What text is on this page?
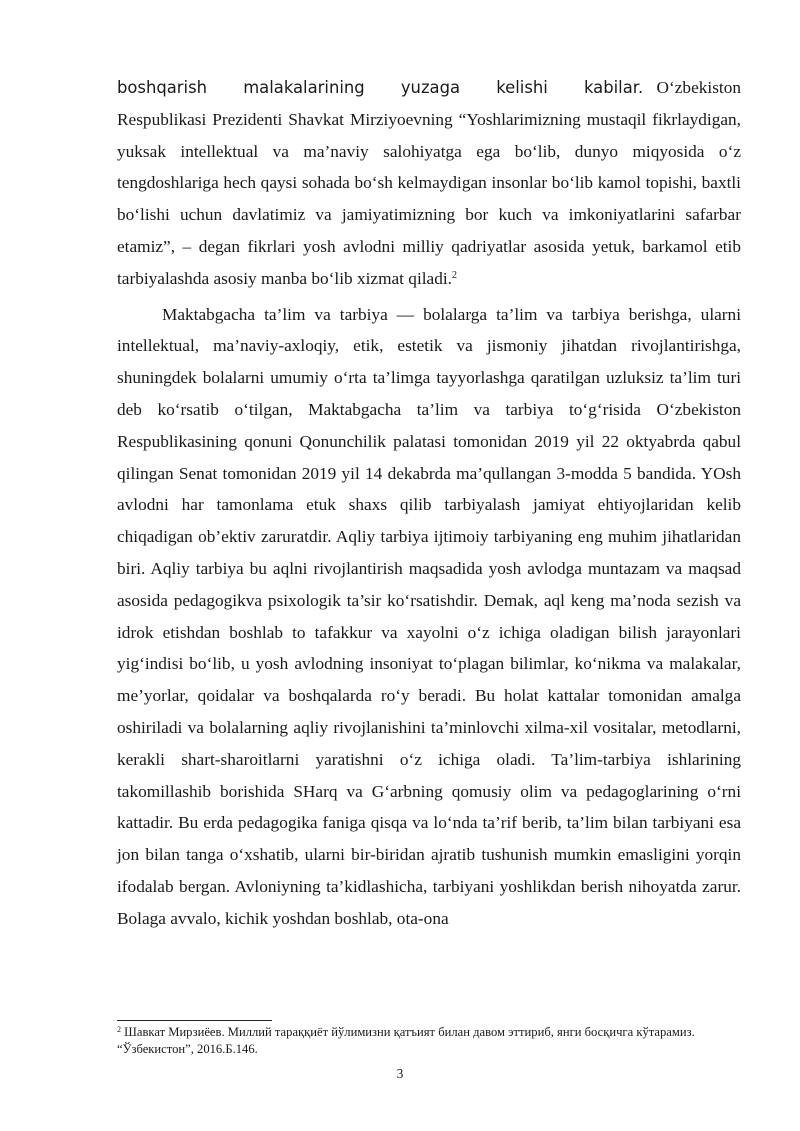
boshqarish malakalarining yuzaga kelishi kabilar. O‘zbekiston Respublikasi Prezidenti Shavkat Mirziyoevning “Yoshlarimizning mustaqil fikrlaydigan, yuksak intellektual va ma’naviy salohiyatga ega bo‘lib, dunyo miqyosida o‘z tengdoshlariga hech qaysi sohada bo‘sh kelmaydigan insonlar bo‘lib kamol topishi, baxtli bo‘lishi uchun davlatimiz va jamiyatimizning bor kuch va imkoniyatlarini safarbar etamiz”, – degan fikrlari yosh avlodni milliy qadriyatlar asosida yetuk, barkamol etib tarbiyalashda asosiy manba bo‘lib xizmat qiladi.$^2$

Maktabgacha ta’lim va tarbiya — bolalarga ta’lim va tarbiya berishga, ularni intellektual, ma’naviy-axloqiy, etik, estetik va jismoniy jihatdan rivojlantirishga, shuningdek bolalarni umumiy o‘rta ta’limga tayyorlashga qaratilgan uzluksiz ta’lim turi deb ko‘rsatib o‘tilgan, Maktabgacha ta’lim va tarbiya to‘g‘risida O‘zbekiston Respublikasining qonuni Qonunchilik palatasi tomonidan 2019 yil 22 oktyabrda qabul qilingan Senat tomonidan 2019 yil 14 dekabrda ma’qullangan 3-modda 5 bandida. YOsh avlodni har tamonlama etuk shaxs qilib tarbiyalash jamiyat ehtiyojlaridan kelib chiqadigan ob’ektiv zaruratdir. Aqliy tarbiya ijtimoiy tarbiyaning eng muhim jihatlaridan biri. Aqliy tarbiya bu aqlni rivojlantirish maqsadida yosh avlodga muntazam va maqsad asosida pedagogikva psixologik ta’sir ko‘rsatishdir. Demak, aql keng ma’noda sezish va idrok etishdan boshlab to tafakkur va xayolni o‘z ichiga oladigan bilish jarayonlari yig‘indisi bo‘lib, u yosh avlodning insoniyat to‘plagan bilimlar, ko‘nikma va malakalar, me’yorlar, qoidalar va boshqalarda ro‘y beradi. Bu holat kattalar tomonidan amalga oshiriladi va bolalarning aqliy rivojlanishini ta’minlovchi xilma-xil vositalar, metodlarni, kerakli shart-sharoitlarni yaratishni o‘z ichiga oladi. Ta’lim-tarbiya ishlarining takomillashib borishida SHarq va G‘arbning qomusiy olim va pedagoglarining o‘rni kattadir. Bu erda pedagogika faniga qisqa va lo‘nda ta’rif berib, ta’lim bilan tarbiyani esa jon bilan tanga o‘xshatib, ularni bir-biridan ajratib tushunish mumkin emasligini yorqin ifodalab bergan. Avloniyning ta’kidlashicha, tarbiyani yoshlikdan berish nihoyatda zarur. Bolaga avvalo, kichik yoshdan boshlab, ota-ona

$^2$ Шавкат Мирзиёев. Миллий тараққиёт йўлимизни қатъият билан давом эттириб, янги босқичга кўтарамиз. “Ўзбекистон”, 2016.Б.146.

3
